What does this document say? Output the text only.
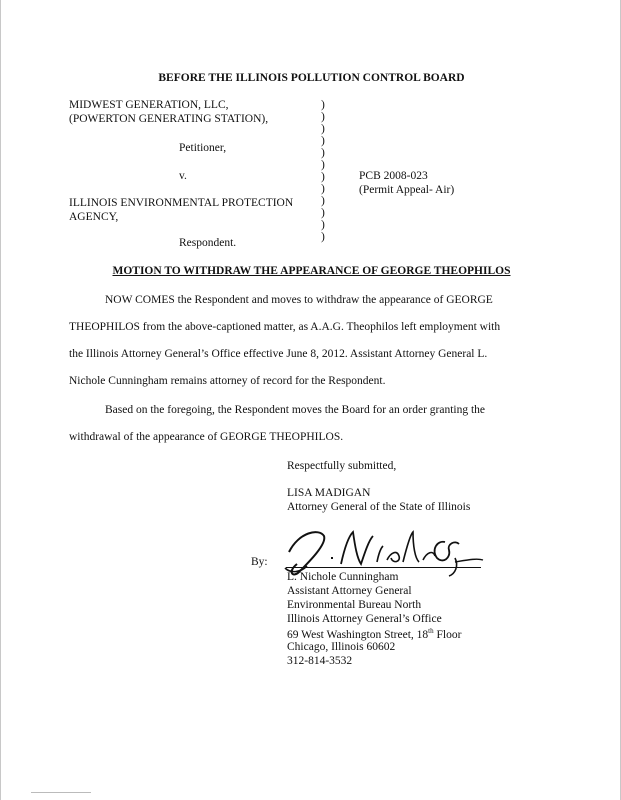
BEFORE THE ILLINOIS POLLUTION CONTROL BOARD
MIDWEST GENERATION, LLC,
(POWERTON GENERATING STATION),
Petitioner,
v.
ILLINOIS ENVIRONMENTAL PROTECTION
AGENCY,
Respondent.
)
)
)
)
)
)
)
)
)
)
)
)
PCB 2008-023
(Permit Appeal- Air)
MOTION TO WITHDRAW THE APPEARANCE OF GEORGE THEOPHILOS
NOW COMES the Respondent and moves to withdraw the appearance of GEORGE
THEOPHILOS from the above-captioned matter, as A.A.G. Theophilos left employment with
the Illinois Attorney General’s Office effective June 8, 2012. Assistant Attorney General L.
Nichole Cunningham remains attorney of record for the Respondent.
Based on the foregoing, the Respondent moves the Board for an order granting the
withdrawal of the appearance of GEORGE THEOPHILOS.
Respectfully submitted,
LISA MADIGAN
Attorney General of the State of Illinois
By:
L. Nichole Cunningham
Assistant Attorney General
Environmental Bureau North
Illinois Attorney General’s Office
69 West Washington Street, 18th Floor
Chicago, Illinois 60602
312-814-3532
